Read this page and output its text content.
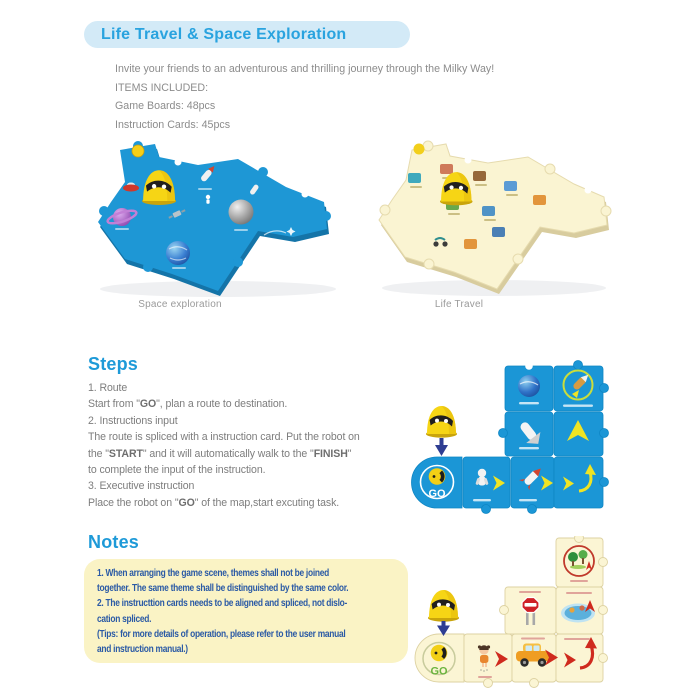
Life Travel & Space Exploration
Invite your friends to an adventurous and thrilling journey through the Milky Way!
ITEMS INCLUDED:
Game Boards: 48pcs
Instruction Cards: 45pcs
Space exploration	Life Travel
Steps
1. Route
Start from "GO", plan a route to destination.
2. Instructions input
The route is spliced with a instruction card. Put the robot on
the "START" and it will automatically walk to the "FINISH"
to complete the input of the instruction.
3. Executive instruction
Place the robot on "GO" of the map,start excuting task.
GO
Notes
1. When arranging the game scene, themes shall not be joined
together. The same theme shall be distinguished by the same color.
2. The instructtion cards needs to be aligned and spliced, not dislo-
cation spliced.
(Tips: for more details of operation, please refer to the user manual
and instruction manual.)
GO
